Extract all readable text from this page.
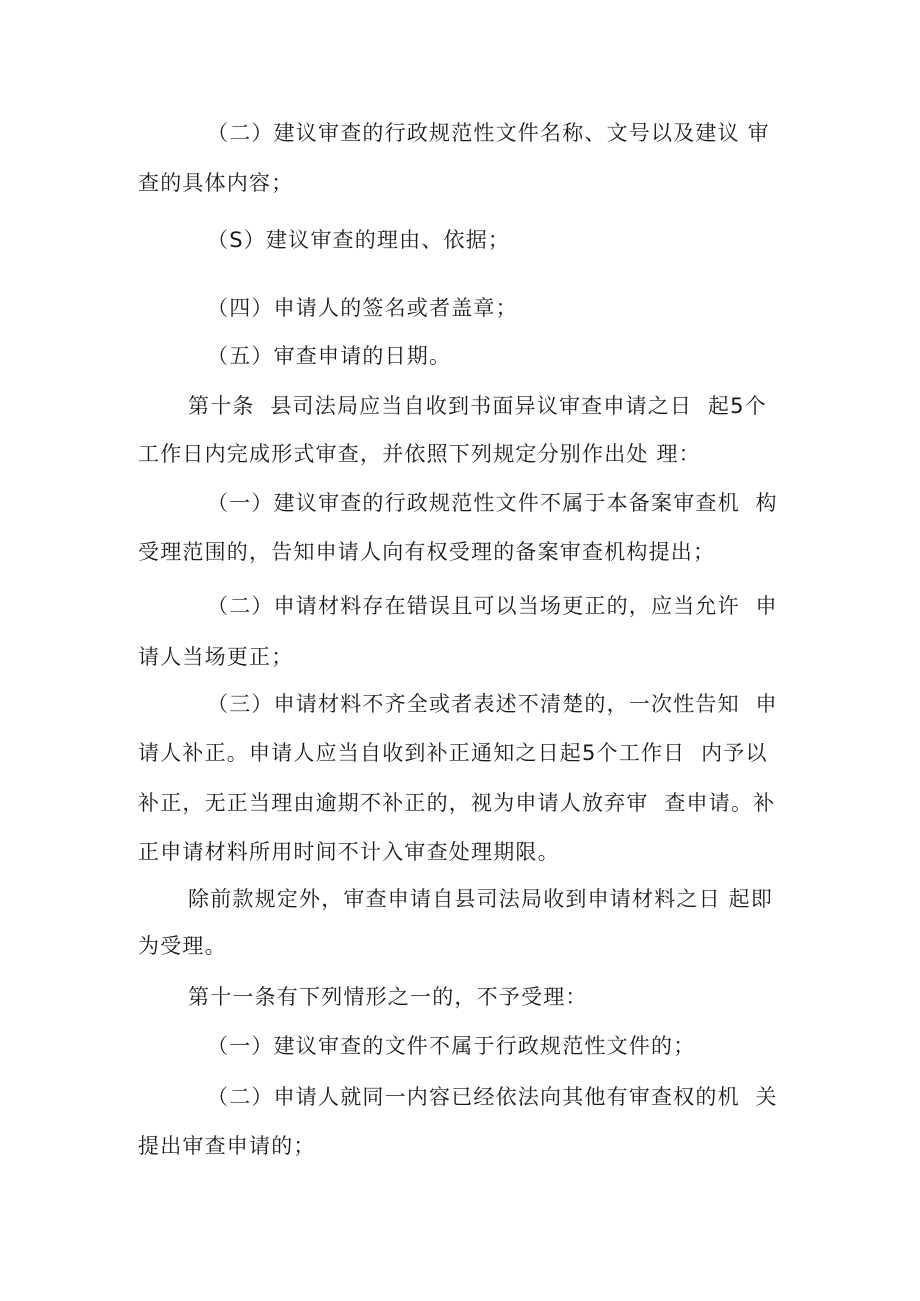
（二）建议审查的行政规范性文件名称、文号以及建议 审
查的具体内容；
（S）建议审查的理由、依据；
（四）申请人的签名或者盖章；
（五）审查申请的日期。
第十条  县司法局应当自收到书面异议审查申请之日  起5个
工作日内完成形式审查，并依照下列规定分别作出处 理：
（一）建议审查的行政规范性文件不属于本备案审查机  构
受理范围的，告知申请人向有权受理的备案审查机构提出；
（二）申请材料存在错误且可以当场更正的，应当允许  申
请人当场更正；
（三）申请材料不齐全或者表述不清楚的，一次性告知  申
请人补正。申请人应当自收到补正通知之日起5个工作日  内予以
补正，无正当理由逾期不补正的，视为申请人放弃审  查申请。补
正申请材料所用时间不计入审查处理期限。
除前款规定外，审查申请自县司法局收到申请材料之日 起即
为受理。
第十一条有下列情形之一的，不予受理：
（一）建议审查的文件不属于行政规范性文件的；
（二）申请人就同一内容已经依法向其他有审查权的机  关
提出审查申请的；
